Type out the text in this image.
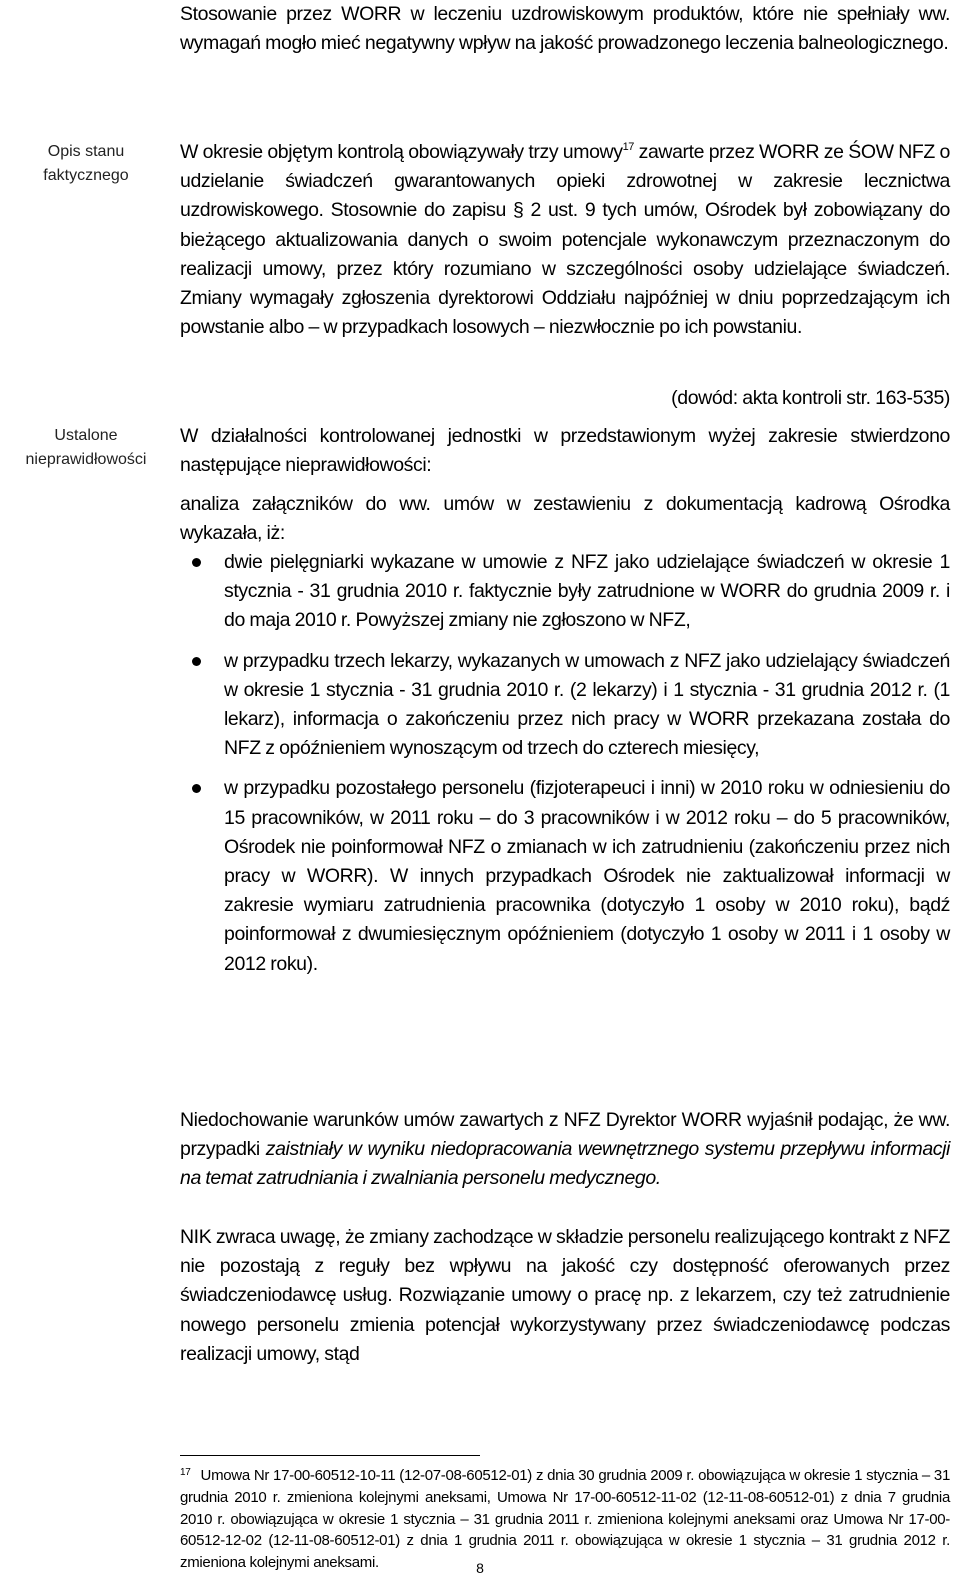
Stosowanie przez WORR w leczeniu uzdrowiskowym produktów, które nie spełniały ww. wymagań mogło mieć negatywny wpływ na jakość prowadzonego leczenia balneologicznego.

Opis stanu
faktycznego

W okresie objętym kontrolą obowiązywały trzy umowy$^{17}$ zawarte przez WORR ze ŚOW NFZ o udzielanie świadczeń gwarantowanych opieki zdrowotnej w zakresie lecznictwa uzdrowiskowego. Stosownie do zapisu § 2 ust. 9 tych umów, Ośrodek był zobowiązany do bieżącego aktualizowania danych o swoim potencjale wykonawczym przeznaczonym do realizacji umowy, przez który rozumiano w szczególności osoby udzielające świadczeń. Zmiany wymagały zgłoszenia dyrektorowi Oddziału najpóźniej w dniu poprzedzającym ich powstanie albo – w przypadkach losowych – niezwłocznie po ich powstaniu.

(dowód: akta kontroli str. 163-535)

Ustalone
nieprawidłowości

W działalności kontrolowanej jednostki w przedstawionym wyżej zakresie stwierdzono następujące nieprawidłowości:

analiza załączników do ww. umów w zestawieniu z dokumentacją kadrową Ośrodka wykazała, iż:

dwie pielęgniarki wykazane w umowie z NFZ jako udzielające świadczeń w okresie 1 stycznia - 31 grudnia 2010 r. faktycznie były zatrudnione w WORR do grudnia 2009 r. i do maja 2010 r. Powyższej zmiany nie zgłoszono w NFZ,
w przypadku trzech lekarzy, wykazanych w umowach z NFZ jako udzielający świadczeń w okresie 1 stycznia - 31 grudnia 2010 r. (2 lekarzy) i 1 stycznia - 31 grudnia 2012 r. (1 lekarz), informacja o zakończeniu przez nich pracy w WORR przekazana została do NFZ z opóźnieniem wynoszącym od trzech do czterech miesięcy,
w przypadku pozostałego personelu (fizjoterapeuci i inni) w 2010 roku w odniesieniu do 15 pracowników, w 2011 roku – do 3 pracowników i w 2012 roku – do 5 pracowników, Ośrodek nie poinformował NFZ o zmianach w ich zatrudnieniu (zakończeniu przez nich pracy w WORR). W innych przypadkach Ośrodek nie zaktualizował informacji w zakresie wymiaru zatrudnienia pracownika (dotyczyło 1 osoby w 2010 roku), bądź poinformował z dwumiesięcznym opóźnieniem (dotyczyło 1 osoby w 2011 i 1 osoby w 2012 roku).

Niedochowanie warunków umów zawartych z NFZ Dyrektor WORR wyjaśnił podając, że ww. przypadki zaistniały w wyniku niedopracowania wewnętrznego systemu przepływu informacji na temat zatrudniania i zwalniania personelu medycznego.

NIK zwraca uwagę, że zmiany zachodzące w składzie personelu realizującego kontrakt z NFZ nie pozostają z reguły bez wpływu na jakość czy dostępność oferowanych przez świadczeniodawcę usług. Rozwiązanie umowy o pracę np. z lekarzem, czy też zatrudnienie nowego personelu zmienia potencjał wykorzystywany przez świadczeniodawcę podczas realizacji umowy, stąd

$^{17}$ Umowa Nr 17-00-60512-10-11 (12-07-08-60512-01) z dnia 30 grudnia 2009 r. obowiązująca w okresie 1 stycznia – 31 grudnia 2010 r. zmieniona kolejnymi aneksami, Umowa Nr 17-00-60512-11-02 (12-11-08-60512-01) z dnia 7 grudnia 2010 r. obowiązująca w okresie 1 stycznia – 31 grudnia 2011 r. zmieniona kolejnymi aneksami oraz Umowa Nr 17-00-60512-12-02 (12-11-08-60512-01) z dnia 1 grudnia 2011 r. obowiązująca w okresie 1 stycznia – 31 grudnia 2012 r. zmieniona kolejnymi aneksami.	8
